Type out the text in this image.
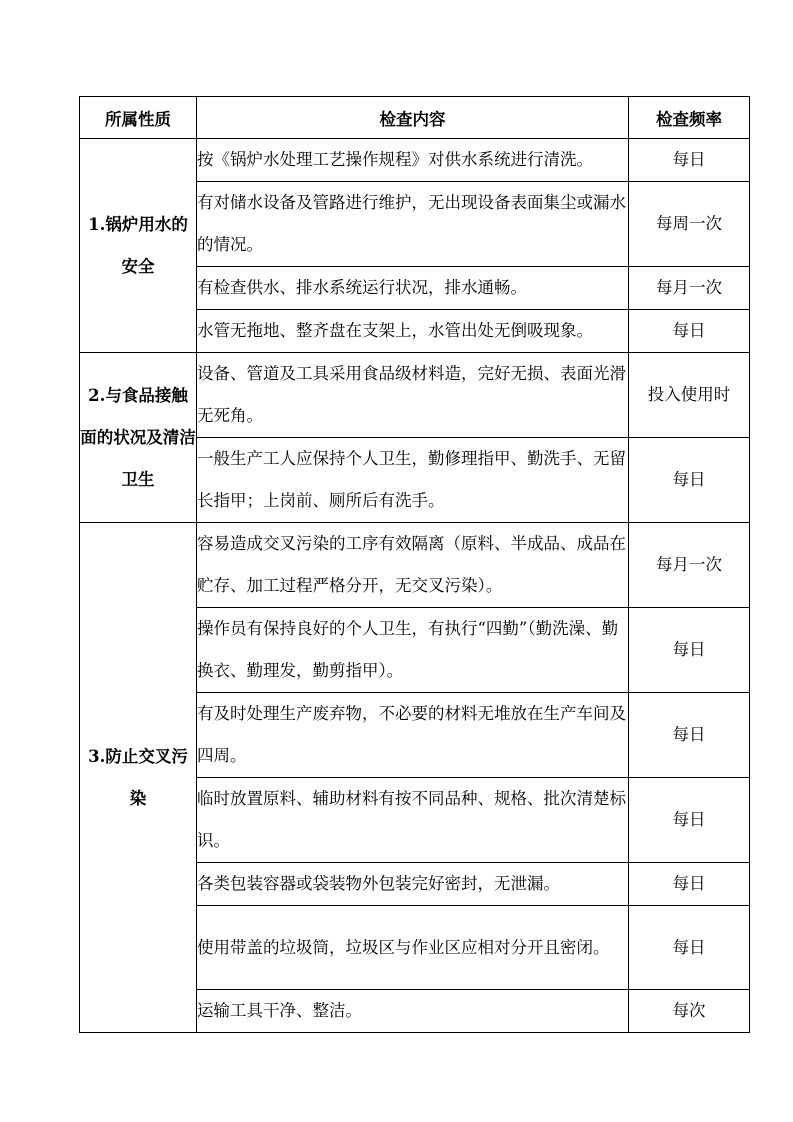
所属性质	检查内容	检查频率
1.锅炉用水的安全	按《锅炉水处理工艺操作规程》对供水系统进行清洗。	每日
	有对储水设备及管路进行维护，无出现设备表面集尘或漏水的情况。	每周一次
	有检查供水、排水系统运行状况，排水通畅。	每月一次
	水管无拖地、整齐盘在支架上，水管出处无倒吸现象。	每日
2.与食品接触面的状况及清洁卫生	设备、管道及工具采用食品级材料造，完好无损、表面光滑无死角。	投入使用时
	一般生产工人应保持个人卫生，勤修理指甲、勤洗手、无留长指甲；上岗前、厕所后有洗手。	每日
3.防止交叉污染	容易造成交叉污染的工序有效隔离（原料、半成品、成品在贮存、加工过程严格分开，无交叉污染）。	每月一次
	操作员有保持良好的个人卫生，有执行“四勤”（勤洗澡、勤换衣、勤理发，勤剪指甲）。	每日
	有及时处理生产废弃物，不必要的材料无堆放在生产车间及四周。	每日
	临时放置原料、辅助材料有按不同品种、规格、批次清楚标识。	每日
	各类包装容器或袋装物外包装完好密封，无泄漏。	每日
	使用带盖的垃圾筒，垃圾区与作业区应相对分开且密闭。	每日
	运输工具干净、整洁。	每次
